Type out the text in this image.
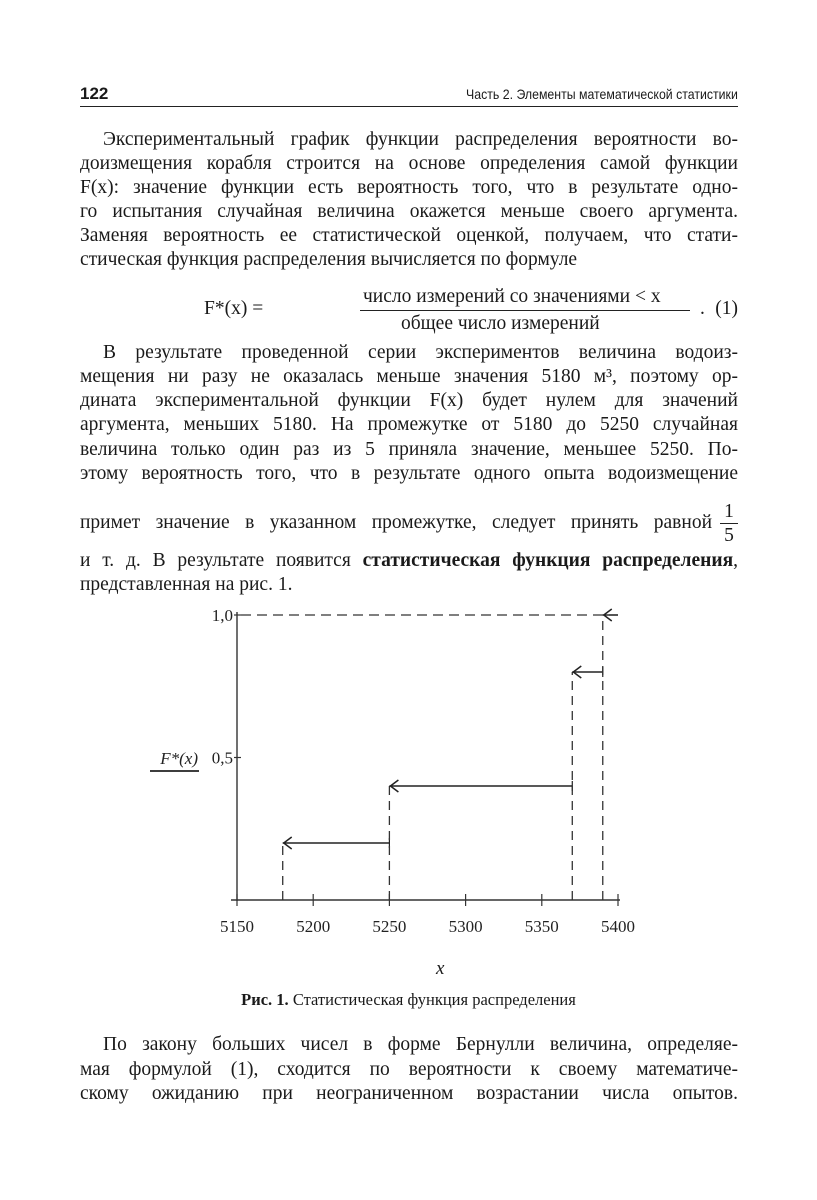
122	Часть 2. Элементы математической статистики
Экспериментальный график функции распределения вероятности во-
доизмещения корабля строится на основе определения самой функции
F(x): значение функции есть вероятность того, что в результате одно-
го испытания случайная величина окажется меньше своего аргумента.
Заменяя вероятность ее статистической оценкой, получаем, что стати-
стическая функция распределения вычисляется по формуле
F*(x) =
число измерений со значениями < x
общее число измерений
. (1)
В результате проведенной серии экспериментов величина водоиз-
мещения ни разу не оказалась меньше значения 5180 м³, поэтому ор-
дината экспериментальной функции F(x) будет нулем для значений
аргумента, меньших 5180. На промежутке от 5180 до 5250 случайная
величина только один раз из 5 приняла значение, меньшее 5250. По-
этому вероятность того, что в результате одного опыта водоизмещение
примет значение в указанном промежутке, следует принять равной
1
5
и т. д. В результате появится статистическая функция распределения,
представленная на рис. 1.
5150 5200 5250 5300 5350 5400
0,5
1,0
F*(x)
x
Рис. 1. Статистическая функция распределения
По закону больших чисел в форме Бернулли величина, определяе-
мая формулой (1), сходится по вероятности к своему математиче-
скому ожиданию при неограниченном возрастании числа опытов.
